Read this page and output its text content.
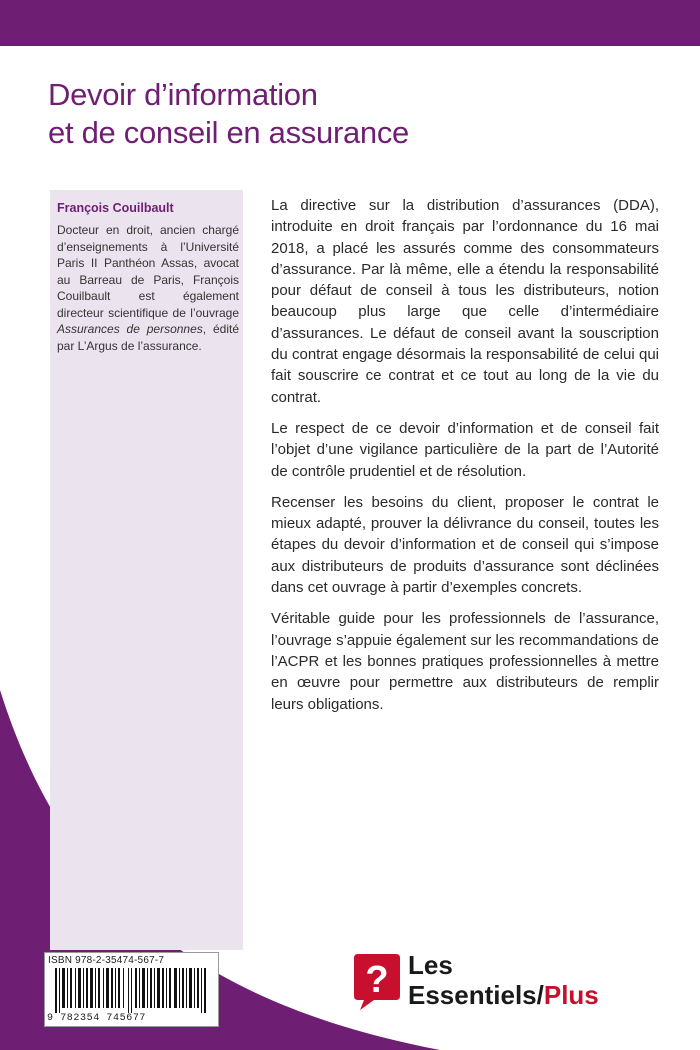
Devoir d’information
et de conseil en assurance
François Couilbault
Docteur en droit, ancien chargé d’enseignements à l’Université Paris II Panthéon Assas, avocat au Barreau de Paris, François Couilbault est également directeur scientifique de l’ouvrage Assurances de personnes, édité par L’Argus de l’assurance.

La directive sur la distribution d’assurances (DDA), introduite en droit français par l’ordonnance du 16 mai 2018, a placé les assurés comme des consommateurs d’assurance. Par là même, elle a étendu la responsabilité pour défaut de conseil à tous les distributeurs, notion beaucoup plus large que celle d’intermédiaire d’assurances. Le défaut de conseil avant la souscription du contrat engage désormais la responsabilité de celui qui fait souscrire ce contrat et ce tout au long de la vie du contrat.

Le respect de ce devoir d’information et de conseil fait l’objet d’une vigilance particulière de la part de l’Autorité de contrôle prudentiel et de résolution.

Recenser les besoins du client, proposer le contrat le mieux adapté, prouver la délivrance du conseil, toutes les étapes du devoir d’information et de conseil qui s’impose aux distributeurs de produits d’assurance sont déclinées dans cet ouvrage à partir d’exemples concrets.

Véritable guide pour les professionnels de l’assurance, l’ouvrage s’appuie également sur les recommandations de l’ACPR et les bonnes pratiques professionnelles à mettre en œuvre pour permettre aux distributeurs de remplir leurs obligations.

ISBN 978-2-35474-567-7
9 782354 745677
? Les
Essentiels/Plus
